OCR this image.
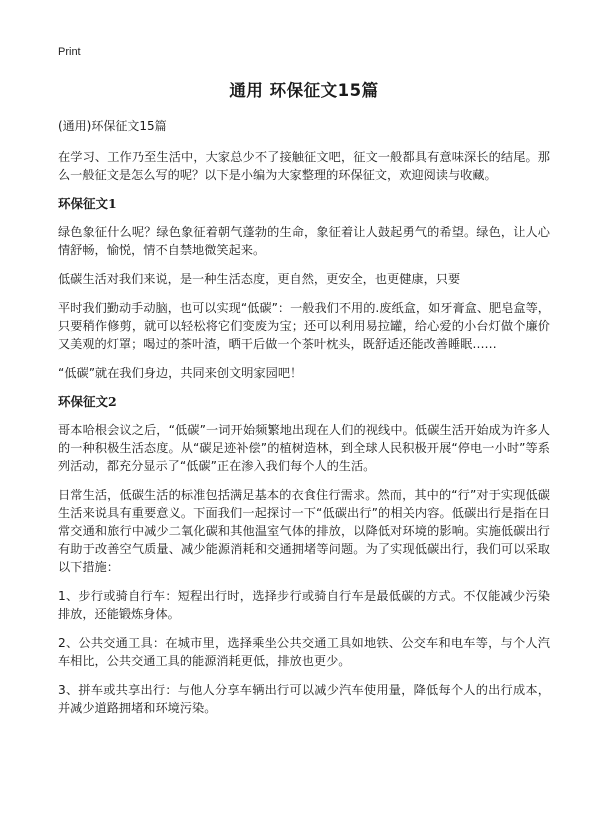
Print
通用 环保征文15篇

(通用)环保征文15篇

在学习、工作乃至生活中，大家总少不了接触征文吧，征文一般都具有意味深长的结尾。那么一般征文是怎么写的呢？以下是小编为大家整理的环保征文，欢迎阅读与收藏。

环保征文1

绿色象征什么呢？绿色象征着朝气蓬勃的生命，象征着让人鼓起勇气的希望。绿色，让人心情舒畅，愉悦，情不自禁地微笑起来。

低碳生活对我们来说，是一种生活态度，更自然，更安全，也更健康，只要

平时我们勤动手动脑，也可以实现“低碳”：一般我们不用的.废纸盒，如牙膏盒、肥皂盒等，只要稍作修剪，就可以轻松将它们变废为宝；还可以利用易拉罐，给心爱的小台灯做个廉价又美观的灯罩；喝过的茶叶渣，晒干后做一个茶叶枕头，既舒适还能改善睡眠……

“低碳”就在我们身边，共同来创文明家园吧！

环保征文2

哥本哈根会议之后，“低碳”一词开始频繁地出现在人们的视线中。低碳生活开始成为许多人的一种积极生活态度。从“碳足迹补偿”的植树造林，到全球人民积极开展“停电一小时”等系列活动，都充分显示了“低碳”正在渗入我们每个人的生活。

日常生活，低碳生活的标准包括满足基本的衣食住行需求。然而，其中的“行”对于实现低碳生活来说具有重要意义。下面我们一起探讨一下“低碳出行”的相关内容。低碳出行是指在日常交通和旅行中减少二氧化碳和其他温室气体的排放，以降低对环境的影响。实施低碳出行有助于改善空气质量、减少能源消耗和交通拥堵等问题。为了实现低碳出行，我们可以采取以下措施：

1、步行或骑自行车：短程出行时，选择步行或骑自行车是最低碳的方式。不仅能减少污染排放，还能锻炼身体。

2、公共交通工具：在城市里，选择乘坐公共交通工具如地铁、公交车和电车等，与个人汽车相比，公共交通工具的能源消耗更低，排放也更少。

3、拼车或共享出行：与他人分享车辆出行可以减少汽车使用量，降低每个人的出行成本，并减少道路拥堵和环境污染。
